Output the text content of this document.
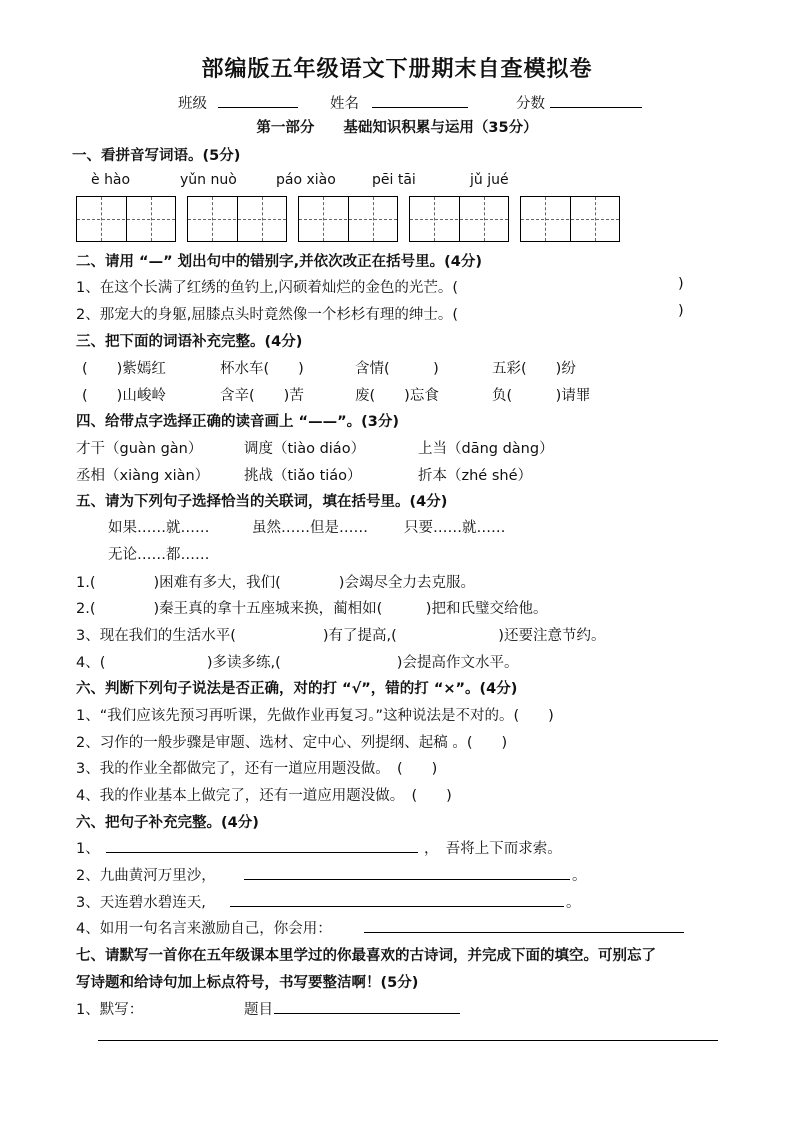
部编版五年级语文下册期末自查模拟卷
班级	姓名	分数
第一部分　　基础知识积累与运用（35分）
一、看拼音写词语。(5分)
è hào	yǔn nuò	páo xiào	pēi tāi	jǔ jué
二、请用 “—” 划出句中的错别字,并依次改正在括号里。(4分)
1、在这个长满了红绣的鱼钓上,闪硕着灿烂的金色的光芒。(	)
2、那宠大的身躯,屈膝点头时竟然像一个杉杉有理的绅士。(	)
三、把下面的词语补充完整。(4分)
(　　)紫嫣红	杯水车(　　)	含情(　　　)	五彩(　　)纷
(　　)山峻岭	含辛(　　)苦	废(　　)忘食	负(　　　)请罪
四、给带点字选择正确的读音画上 “——”。(3分)
才干（guàn gàn）	调度（tiào diáo）	上当（dāng dàng）
丞相（xiàng xiàn） 挑战（tiǎo tiáo）	折本（zhé shé）
五、请为下列句子选择恰当的关联词，填在括号里。(4分)
如果……就……	虽然……但是…… 只要……就……
无论……都……
1.(　　　　)困难有多大，我们(　　　　)会竭尽全力去克服。
2.(　　　　)秦王真的拿十五座城来换，蔺相如(　　　)把和氏璧交给他。
3、现在我们的生活水平(　　　　　　)有了提高,(　　　　　　　)还要注意节约。
4、(　　　　　　　)多读多练,(　　　　　　　　)会提高作文水平。
六、判断下列句子说法是否正确，对的打 “√”，错的打 “×”。(4分)
1、“我们应该先预习再听课，先做作业再复习。”这种说法是不对的。(　　)
2、习作的一般步骤是审题、选材、定中心、列提纲、起稿 。(　　)
3、我的作业全都做完了，还有一道应用题没做。　(　　)
4、我的作业基本上做完了，还有一道应用题没做。　(　　)
六、把句子补充完整。(4分)
1、	，　吾将上下而求索。
2、九曲黄河万里沙，	。
3、天连碧水碧连天,	。
4、如用一句名言来激励自己，你会用：
七、请默写一首你在五年级课本里学过的你最喜欢的古诗词，并完成下面的填空。可别忘了
写诗题和给诗句加上标点符号，书写要整洁啊！(5分)
1、默写：	题目
